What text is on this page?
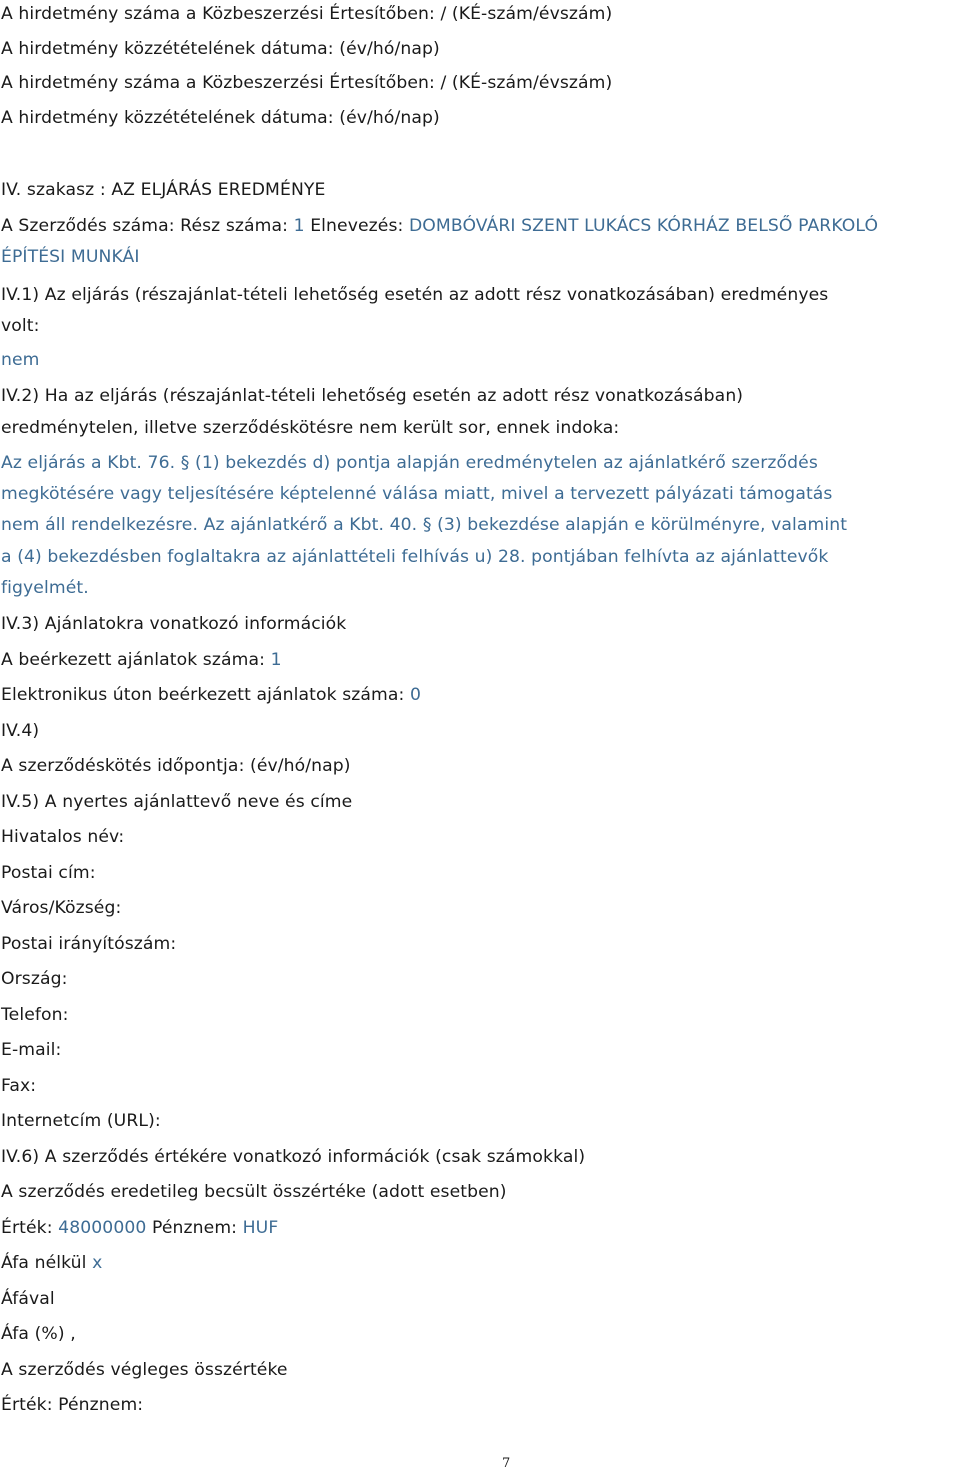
A hirdetmény száma a Közbeszerzési Értesítőben: / (KÉ-szám/évszám)
A hirdetmény közzétételének dátuma: (év/hó/nap)
A hirdetmény száma a Közbeszerzési Értesítőben: / (KÉ-szám/évszám)
A hirdetmény közzétételének dátuma: (év/hó/nap)
IV. szakasz : AZ ELJÁRÁS EREDMÉNYE
A Szerződés száma: Rész száma: 1 Elnevezés: DOMBÓVÁRI SZENT LUKÁCS KÓRHÁZ BELSŐ PARKOLÓ
ÉPÍTÉSI MUNKÁI
IV.1) Az eljárás (részajánlat-tételi lehetőség esetén az adott rész vonatkozásában) eredményes
volt:
nem
IV.2) Ha az eljárás (részajánlat-tételi lehetőség esetén az adott rész vonatkozásában)
eredménytelen, illetve szerződéskötésre nem került sor, ennek indoka:
Az eljárás a Kbt. 76. § (1) bekezdés d) pontja alapján eredménytelen az ajánlatkérő szerződés
megkötésére vagy teljesítésére képtelenné válása miatt, mivel a tervezett pályázati támogatás
nem áll rendelkezésre. Az ajánlatkérő a Kbt. 40. § (3) bekezdése alapján e körülményre, valamint
a (4) bekezdésben foglaltakra az ajánlattételi felhívás u) 28. pontjában felhívta az ajánlattevők
figyelmét.
IV.3) Ajánlatokra vonatkozó információk
A beérkezett ajánlatok száma: 1
Elektronikus úton beérkezett ajánlatok száma: 0
IV.4)
A szerződéskötés időpontja: (év/hó/nap)
IV.5) A nyertes ajánlattevő neve és címe
Hivatalos név:
Postai cím:
Város/Község:
Postai irányítószám:
Ország:
Telefon:
E-mail:
Fax:
Internetcím (URL):
IV.6) A szerződés értékére vonatkozó információk (csak számokkal)
A szerződés eredetileg becsült összértéke (adott esetben)
Érték: 48000000 Pénznem: HUF
Áfa nélkül x
Áfával
Áfa (%) ,
A szerződés végleges összértéke
Érték: Pénznem:
7
